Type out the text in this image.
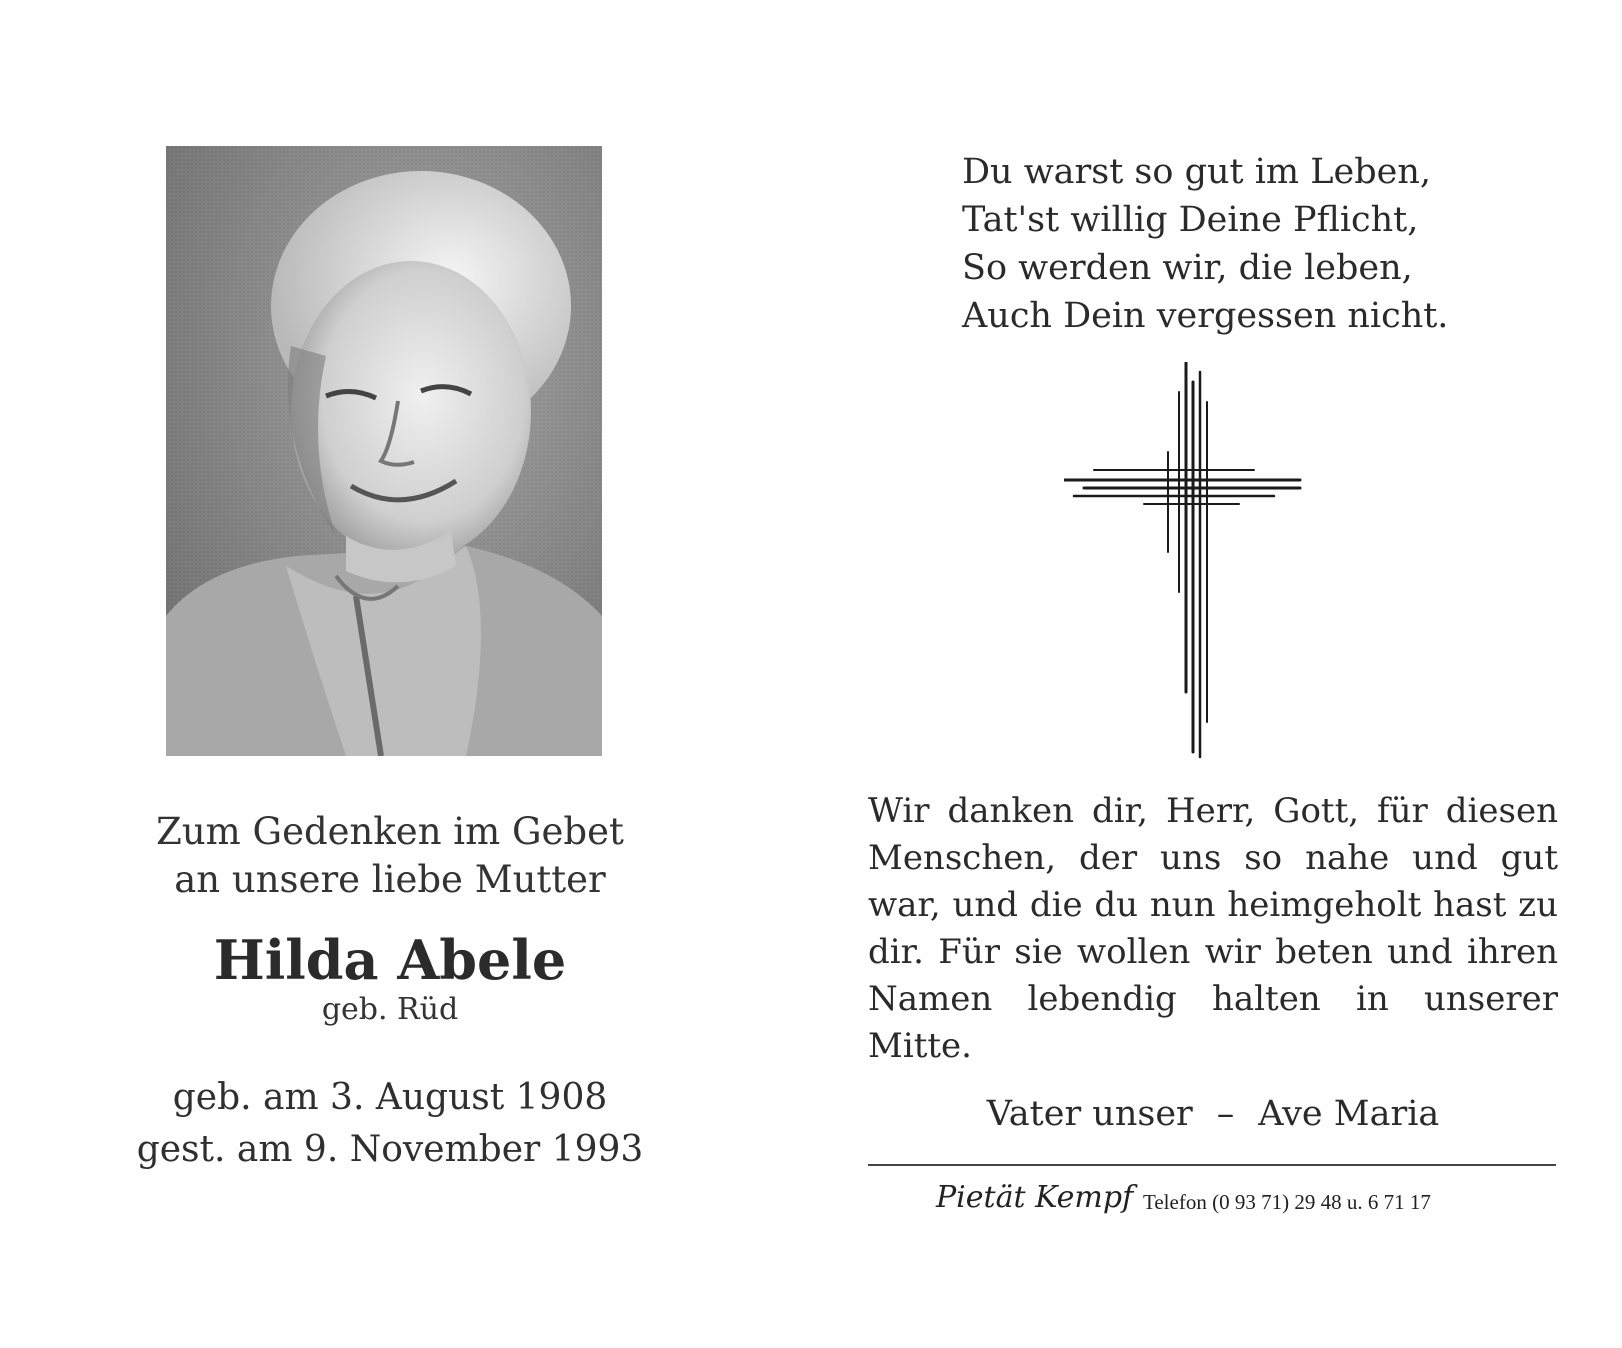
Zum Gedenken im Gebet
an unsere liebe Mutter
Hilda Abele
geb. Rüd
geb. am 3. August 1908
gest. am 9. November 1993
Du warst so gut im Leben,
Tat'st willig Deine Pflicht,
So werden wir, die leben,
Auch Dein vergessen nicht.
Wir danken dir, Herr, Gott, für diesen Menschen, der uns so nahe und gut war, und die du nun heimgeholt hast zu dir. Für sie wollen wir beten und ihren Namen lebendig halten in unserer Mitte.
Vater unser – Ave Maria
Pietät Kempf Telefon (0 93 71) 29 48 u. 6 71 17
